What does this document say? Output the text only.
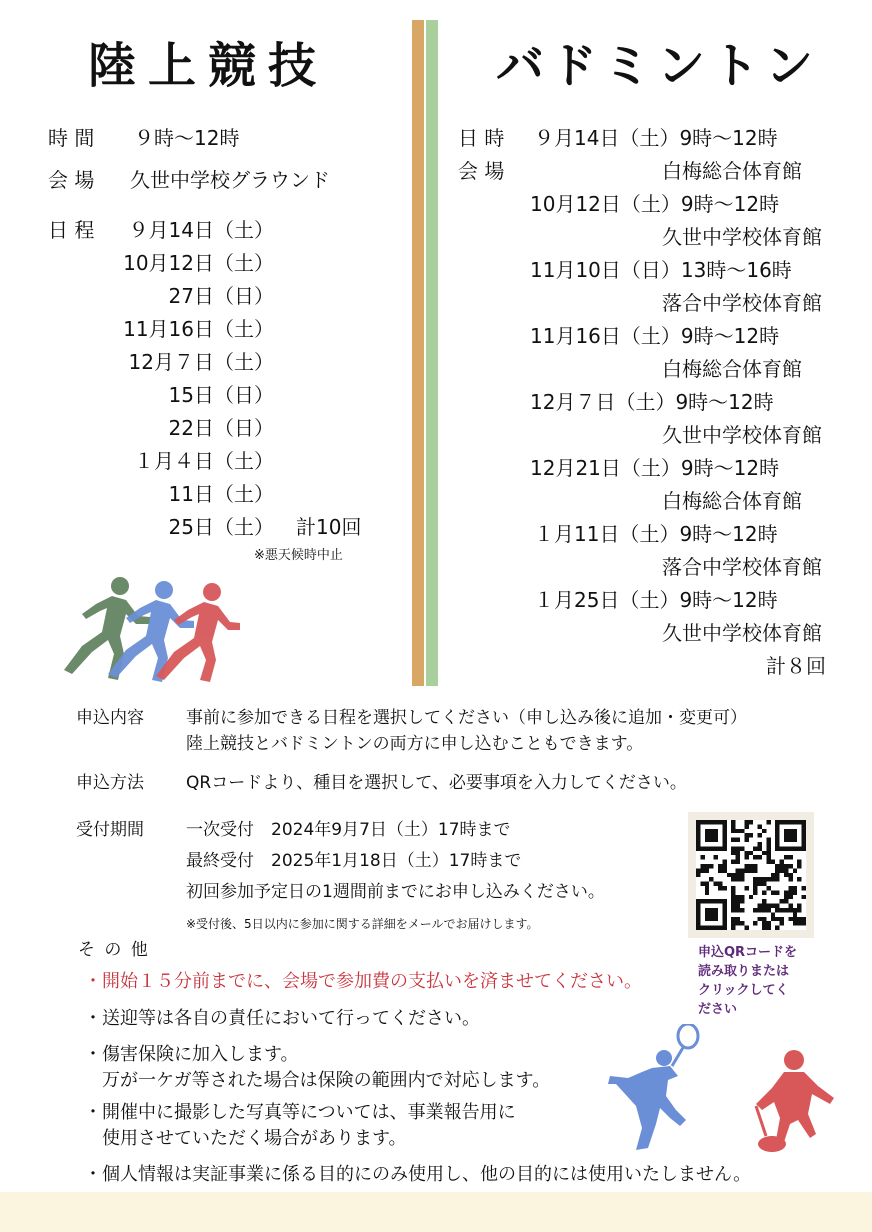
陸上競技	バドミントン
時 間 ９時〜12時
会 場 久世中学校グラウンド
日 程 ９月14日（土）
10月12日（土）
27日（日）
11月16日（土）
12月７日（土）
15日（日）
22日（日）
１月４日（土）
11日（土）
25日（土） 計10回
※悪天候時中止
日 時
会 場
９月14日（土）9時〜12時
白梅総合体育館
10月12日（土）9時〜12時
久世中学校体育館
11月10日（日）13時〜16時
落合中学校体育館
11月16日（土）9時〜12時
白梅総合体育館
12月７日（土）9時〜12時
久世中学校体育館
12月21日（土）9時〜12時
白梅総合体育館
１月11日（土）9時〜12時
落合中学校体育館
１月25日（土）9時〜12時
久世中学校体育館
計８回
申込内容 事前に参加できる日程を選択してください（申し込み後に追加・変更可）
陸上競技とバドミントンの両方に申し込むこともできます。
申込方法 QRコードより、種目を選択して、必要事項を入力してください。
受付期間 一次受付　2024年9月7日（土）17時まで
最終受付　2025年1月18日（土）17時まで
初回参加予定日の1週間前までにお申し込みください。
※受付後、5日以内に参加に関する詳細をメールでお届けします。
申込QRコードを
読み取りまたは
クリックしてく
ださい
そ の 他
・開始１５分前までに、会場で参加費の支払いを済ませてください。
・送迎等は各自の責任において行ってください。
・傷害保険に加入します。
万が一ケガ等された場合は保険の範囲内で対応します。
・開催中に撮影した写真等については、事業報告用に
使用させていただく場合があります。
・個人情報は実証事業に係る目的にのみ使用し、他の目的には使用いたしません。
